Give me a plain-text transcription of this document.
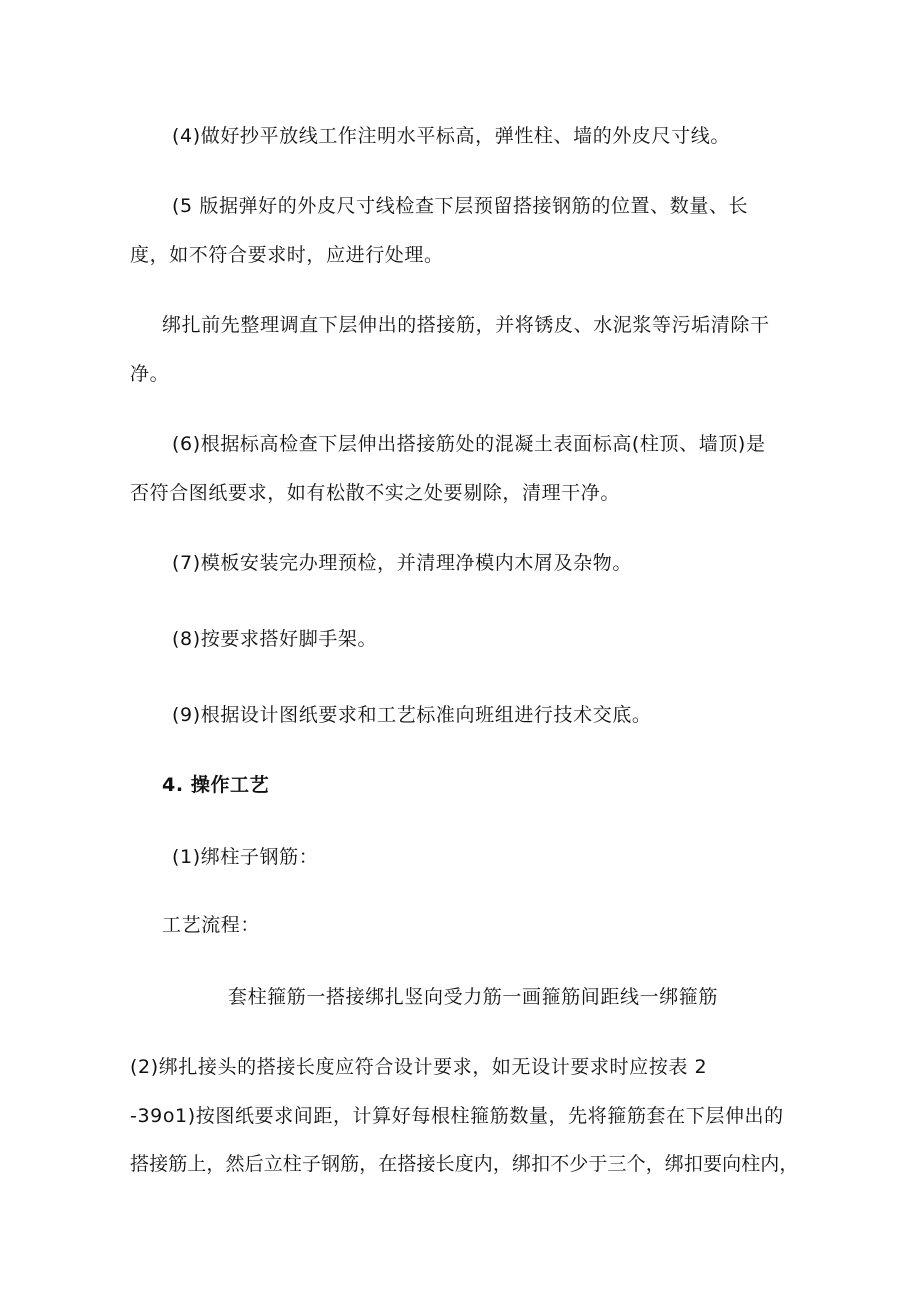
(4)做好抄平放线工作注明水平标高，弹性柱、墙的外皮尺寸线。
(5 版据弹好的外皮尺寸线检查下层预留搭接钢筋的位置、数量、长
度，如不符合要求时，应进行处理。
绑扎前先整理调直下层伸出的搭接筋，并将锈皮、水泥浆等污垢清除干
净。
(6)根据标高检查下层伸出搭接筋处的混凝土表面标高(柱顶、墙顶)是
否符合图纸要求，如有松散不实之处要剔除，清理干净。
(7)模板安装完办理预检，并清理净模内木屑及杂物。
(8)按要求搭好脚手架。
(9)根据设计图纸要求和工艺标准向班组进行技术交底。
4. 操作工艺
(1)绑柱子钢筋：
工艺流程：
套柱箍筋一搭接绑扎竖向受力筋一画箍筋间距线一绑箍筋
(2)绑扎接头的搭接长度应符合设计要求，如无设计要求时应按表 2
-39o1)按图纸要求间距，计算好每根柱箍筋数量，先将箍筋套在下层伸出的
搭接筋上，然后立柱子钢筋，在搭接长度内，绑扣不少于三个，绑扣要向柱内，
